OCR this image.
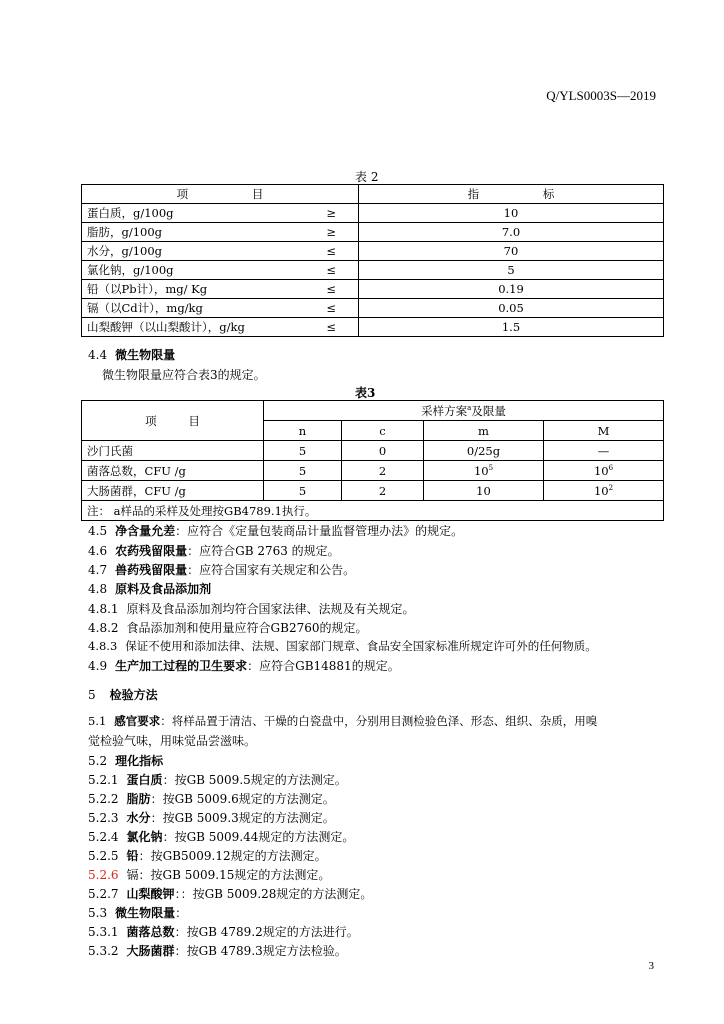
Q/YLS0003S—2019
表 2
项 目		指 标
蛋白质，g/100g	≥	10
脂肪，g/100g	≥	7.0
水分，g/100g	≤	70
氯化钠，g/100g	≤	5
铅（以Pb计），mg/ Kg	≤	0.19
镉（以Cd计），mg/kg	≤	0.05
山梨酸钾（以山梨酸计），g/kg	≤	1.5
4.4 微生物限量
微生物限量应符合表3的规定。
表3
项 目	采样方案$^a$及限量			
	n	c	m	M
沙门氏菌	5	0	0/25g	—
菌落总数，CFU /g	5	2	$10^5$	$10^6$
大肠菌群，CFU /g	5	2	10	$10^2$
注： a样品的采样及处理按GB4789.1执行。				
4.5 净含量允差：应符合《定量包装商品计量监督管理办法》的规定。
4.6 农药残留限量：应符合GB 2763 的规定。
4.7 兽药残留限量：应符合国家有关规定和公告。
4.8 原料及食品添加剂
4.8.1 原料及食品添加剂均符合国家法律、法规及有关规定。
4.8.2 食品添加剂和使用量应符合GB2760的规定。
4.8.3 保证不使用和添加法律、法规、国家部门规章、食品安全国家标准所规定许可外的任何物质。
4.9 生产加工过程的卫生要求：应符合GB14881的规定。
5 检验方法
5.1 感官要求：将样品置于清洁、干燥的白瓷盘中，分别用目测检验色泽、形态、组织、杂质，用嗅
觉检验气味，用味觉品尝滋味。
5.2 理化指标
5.2.1 蛋白质：按GB 5009.5规定的方法测定。
5.2.2 脂肪：按GB 5009.6规定的方法测定。
5.2.3 水分：按GB 5009.3规定的方法测定。
5.2.4 氯化钠：按GB 5009.44规定的方法测定。
5.2.5 铅：按GB5009.12规定的方法测定。
5.2.6 镉：按GB 5009.15规定的方法测定。
5.2.7 山梨酸钾：：按GB 5009.28规定的方法测定。
5.3 微生物限量：
5.3.1 菌落总数：按GB 4789.2规定的方法进行。
5.3.2 大肠菌群：按GB 4789.3规定方法检验。
3
